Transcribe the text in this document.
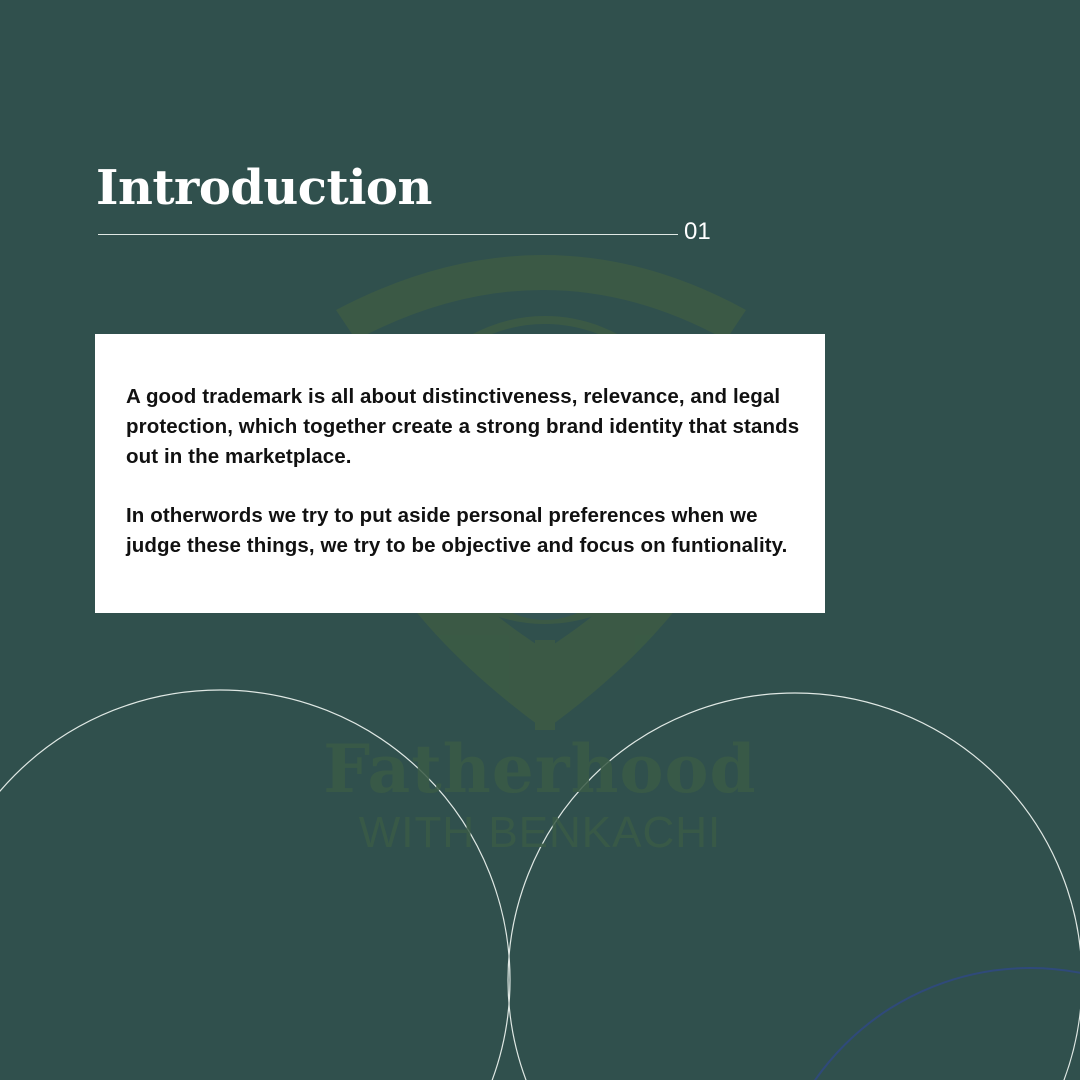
Fatherhood
WITH BENKACHI
Introduction
01

A good trademark is all about distinctiveness, relevance, and legal protection, which together create a strong brand identity that stands out in the marketplace.

In otherwords we try to put aside personal preferences when we judge these things, we try to be objective and focus on funtionality.
